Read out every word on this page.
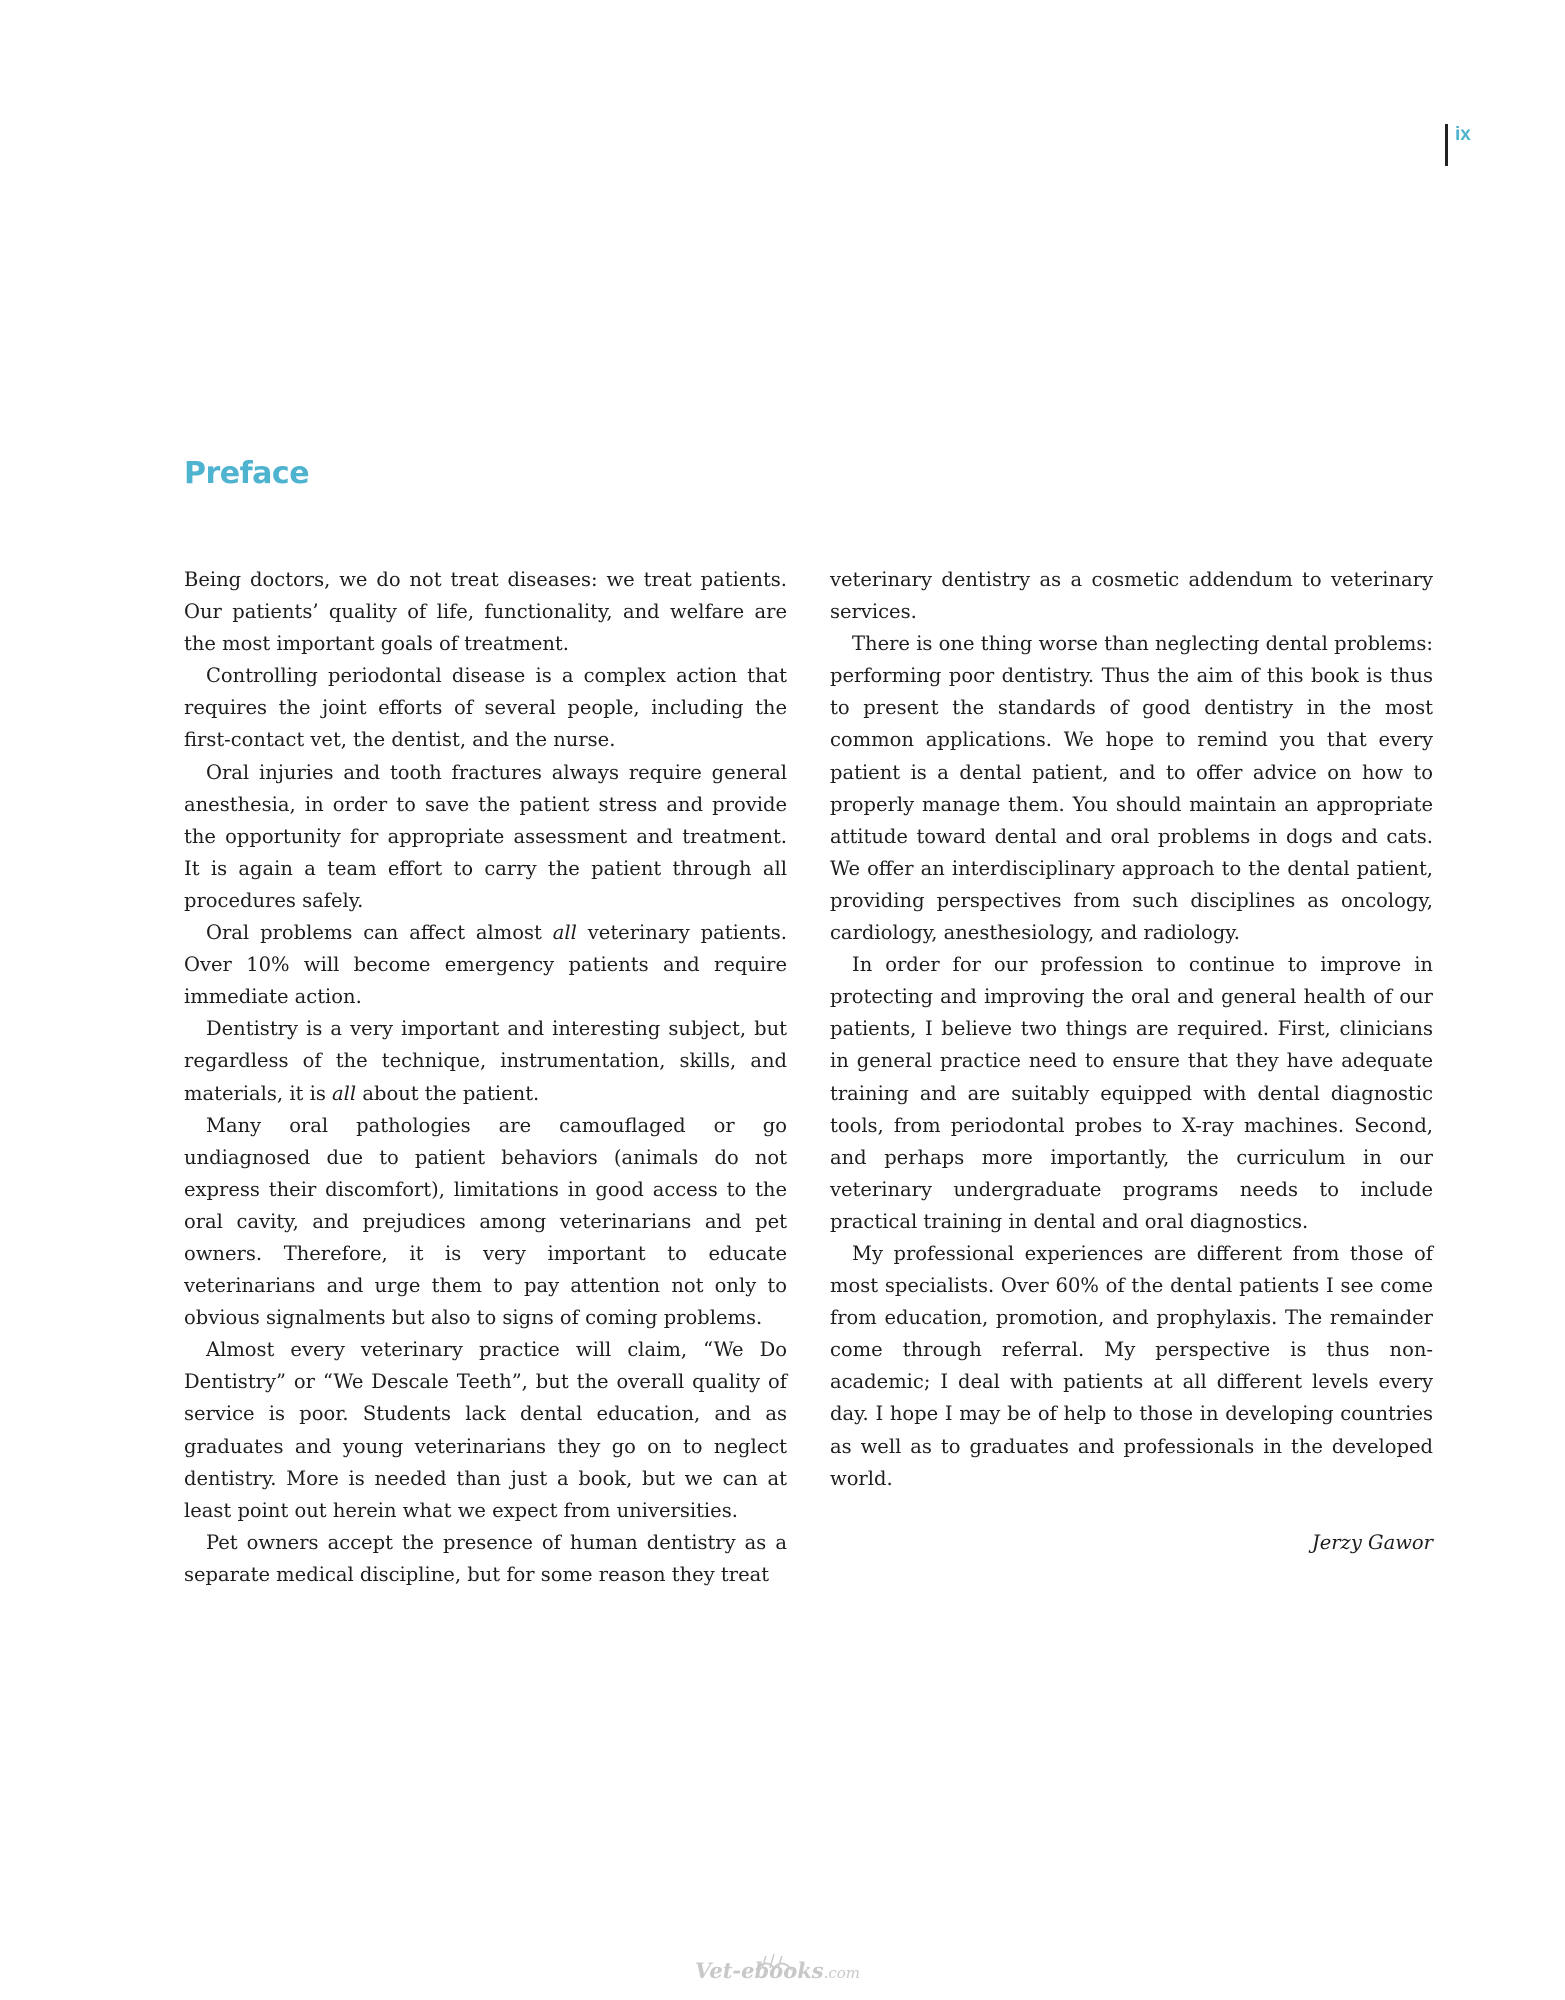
ix
Preface

Being doctors, we do not treat diseases: we treat patients. Our patients’ quality of life, functionality, and welfare are the most important goals of treatment.

Controlling periodontal disease is a complex action that requires the joint efforts of several people, including the first-contact vet, the dentist, and the nurse.

Oral injuries and tooth fractures always require general anesthesia, in order to save the patient stress and provide the opportunity for appropriate assessment and treatment. It is again a team effort to carry the patient through all procedures safely.

Oral problems can affect almost all veterinary patients. Over 10% will become emergency patients and require immediate action.

Dentistry is a very important and interesting subject, but regardless of the technique, instrumentation, skills, and materials, it is all about the patient.

Many oral pathologies are camouflaged or go undiagnosed due to patient behaviors (animals do not express their discomfort), limitations in good access to the oral cavity, and prejudices among veterinarians and pet owners. Therefore, it is very important to educate veterinarians and urge them to pay attention not only to obvious signalments but also to signs of coming problems.

Almost every veterinary practice will claim, “We Do Dentistry” or “We Descale Teeth”, but the overall quality of service is poor. Students lack dental education, and as graduates and young veterinarians they go on to neglect dentistry. More is needed than just a book, but we can at least point out herein what we expect from universities.

Pet owners accept the presence of human dentistry as a separate medical discipline, but for some reason they treat

veterinary dentistry as a cosmetic addendum to veterinary services.

There is one thing worse than neglecting dental problems: performing poor dentistry. Thus the aim of this book is thus to present the standards of good dentistry in the most common applications. We hope to remind you that every patient is a dental patient, and to offer advice on how to properly manage them. You should maintain an appropriate attitude toward dental and oral problems in dogs and cats. We offer an interdisciplinary approach to the dental patient, providing perspectives from such disciplines as oncology, cardiology, anesthesiology, and radiology.

In order for our profession to continue to improve in protecting and improving the oral and general health of our patients, I believe two things are required. First, clinicians in general practice need to ensure that they have adequate training and are suitably equipped with dental diagnostic tools, from periodontal probes to X-ray machines. Second, and perhaps more importantly, the curriculum in our veterinary undergraduate programs needs to include practical training in dental and oral diagnostics.

My professional experiences are different from those of most specialists. Over 60% of the dental patients I see come from education, promotion, and prophylaxis. The remainder come through referral. My perspective is thus non-academic; I deal with patients at all different levels every day. I hope I may be of help to those in developing countries as well as to graduates and professionals in the developed world.

Jerzy Gawor

Vet-ebooks.com
